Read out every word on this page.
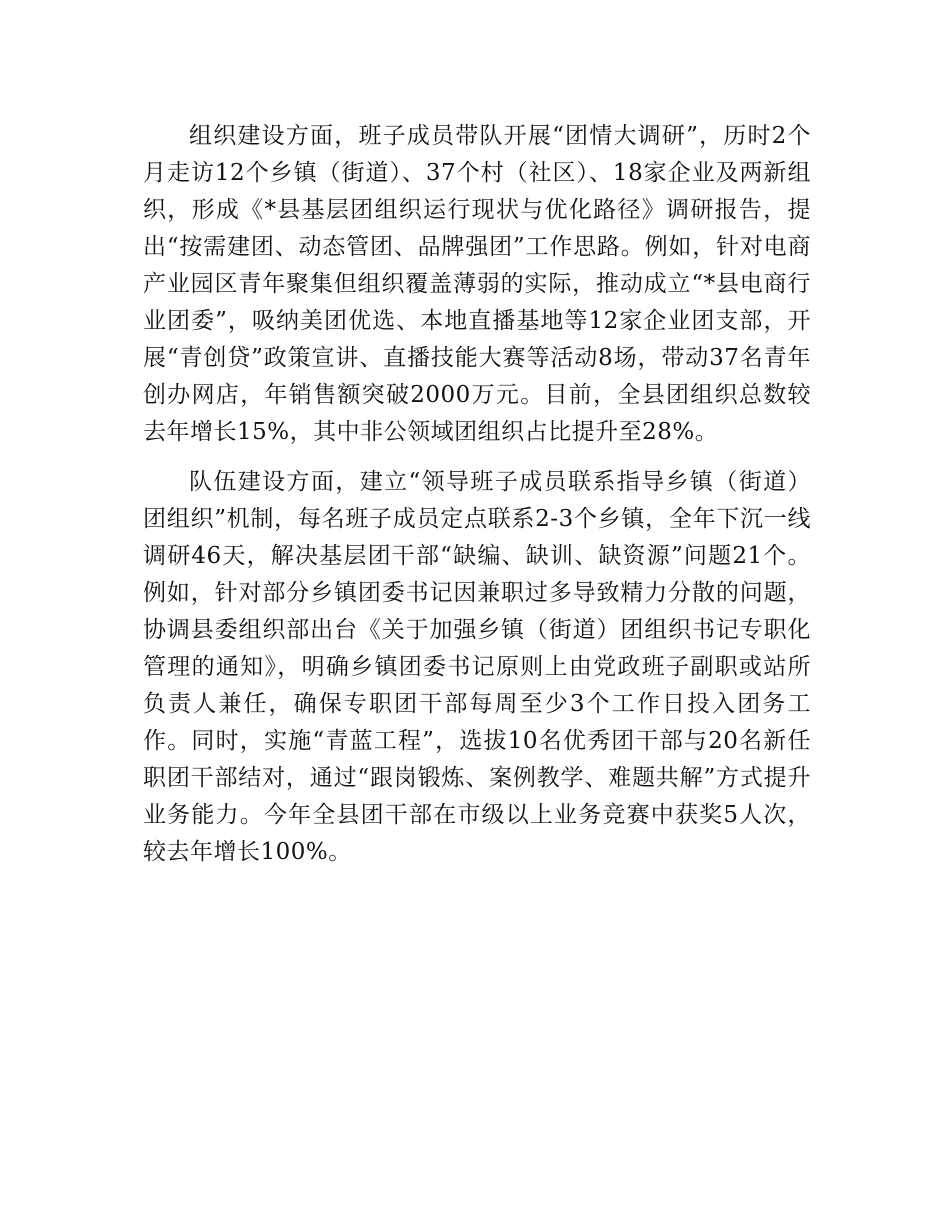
组织建设方面，班子成员带队开展“团情大调研”，历时2个月走访12个乡镇（街道）、37个村（社区）、18家企业及两新组织，形成《*县基层团组织运行现状与优化路径》调研报告，提出“按需建团、动态管团、品牌强团”工作思路。例如，针对电商产业园区青年聚集但组织覆盖薄弱的实际，推动成立“*县电商行业团委”，吸纳美团优选、本地直播基地等12家企业团支部，开展“青创贷”政策宣讲、直播技能大赛等活动8场，带动37名青年创办网店，年销售额突破2000万元。目前，全县团组织总数较去年增长15%，其中非公领域团组织占比提升至28%。

队伍建设方面，建立“领导班子成员联系指导乡镇（街道）团组织”机制，每名班子成员定点联系2-3个乡镇，全年下沉一线调研46天，解决基层团干部“缺编、缺训、缺资源”问题21个。例如，针对部分乡镇团委书记因兼职过多导致精力分散的问题，协调县委组织部出台《关于加强乡镇（街道）团组织书记专职化管理的通知》，明确乡镇团委书记原则上由党政班子副职或站所负责人兼任，确保专职团干部每周至少3个工作日投入团务工作。同时，实施“青蓝工程”，选拔10名优秀团干部与20名新任职团干部结对，通过“跟岗锻炼、案例教学、难题共解”方式提升业务能力。今年全县团干部在市级以上业务竞赛中获奖5人次，较去年增长100%。
